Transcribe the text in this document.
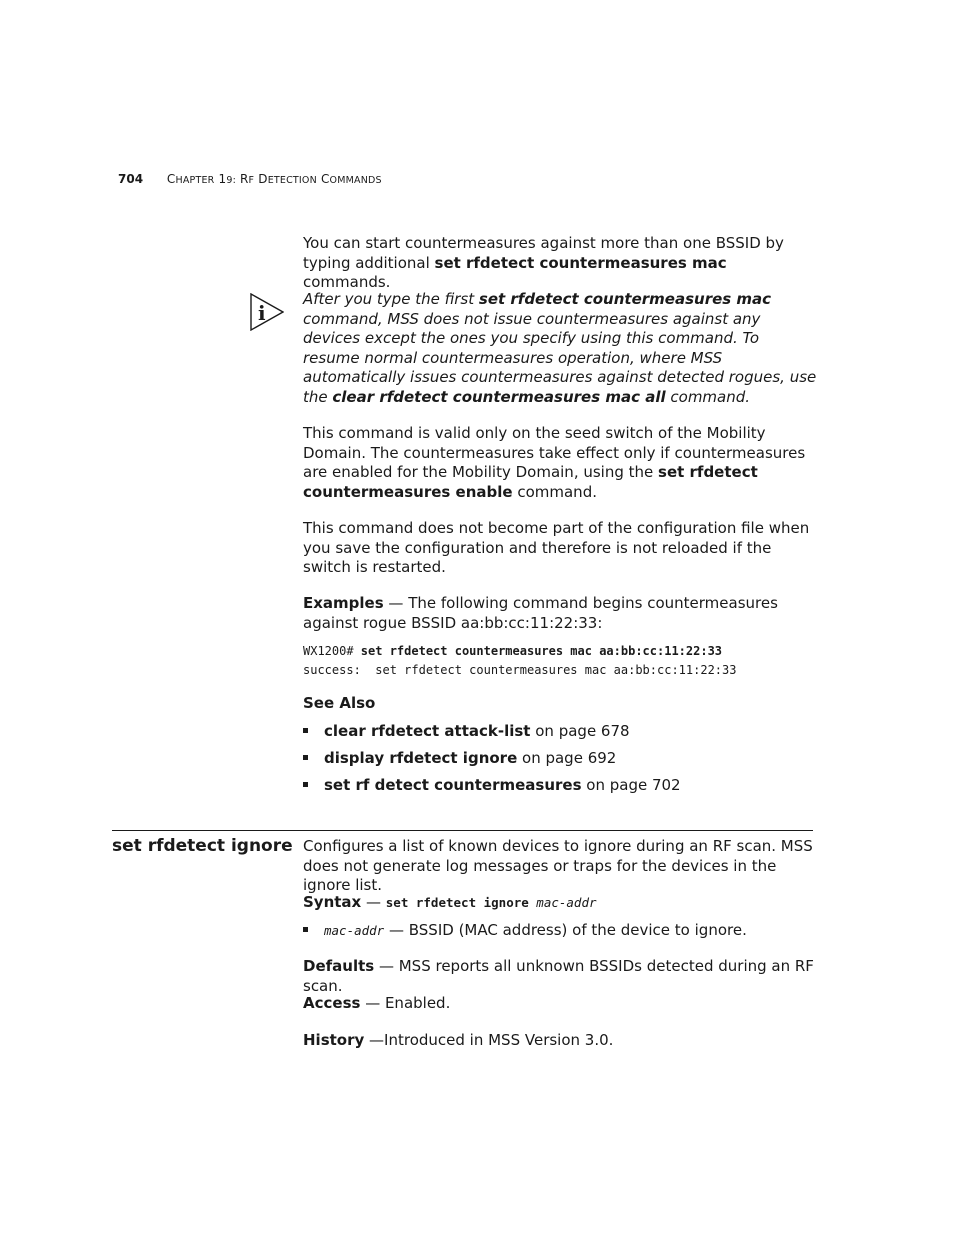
704 CHAPTER 19: RF DETECTION COMMANDS
You can start countermeasures against more than one BSSID by typing additional set rfdetect countermeasures mac commands.
i
After you type the first set rfdetect countermeasures mac command, MSS does not issue countermeasures against any devices except the ones you specify using this command. To resume normal countermeasures operation, where MSS automatically issues countermeasures against detected rogues, use the clear rfdetect countermeasures mac all command.
This command is valid only on the seed switch of the Mobility Domain. The countermeasures take effect only if countermeasures are enabled for the Mobility Domain, using the set rfdetect countermeasures enable command.
This command does not become part of the configuration file when you save the configuration and therefore is not reloaded if the switch is restarted.
Examples — The following command begins countermeasures against rogue BSSID aa:bb:cc:11:22:33:
WX1200# set rfdetect countermeasures mac aa:bb:cc:11:22:33
success:  set rfdetect countermeasures mac aa:bb:cc:11:22:33
See Also
clear rfdetect attack-list on page 678
display rfdetect ignore on page 692
set rf detect countermeasures on page 702
set rfdetect ignore Configures a list of known devices to ignore during an RF scan. MSS does not generate log messages or traps for the devices in the ignore list.
Syntax — set rfdetect ignore mac-addr
mac-addr — BSSID (MAC address) of the device to ignore.
Defaults — MSS reports all unknown BSSIDs detected during an RF scan.
Access — Enabled.
History —Introduced in MSS Version 3.0.
